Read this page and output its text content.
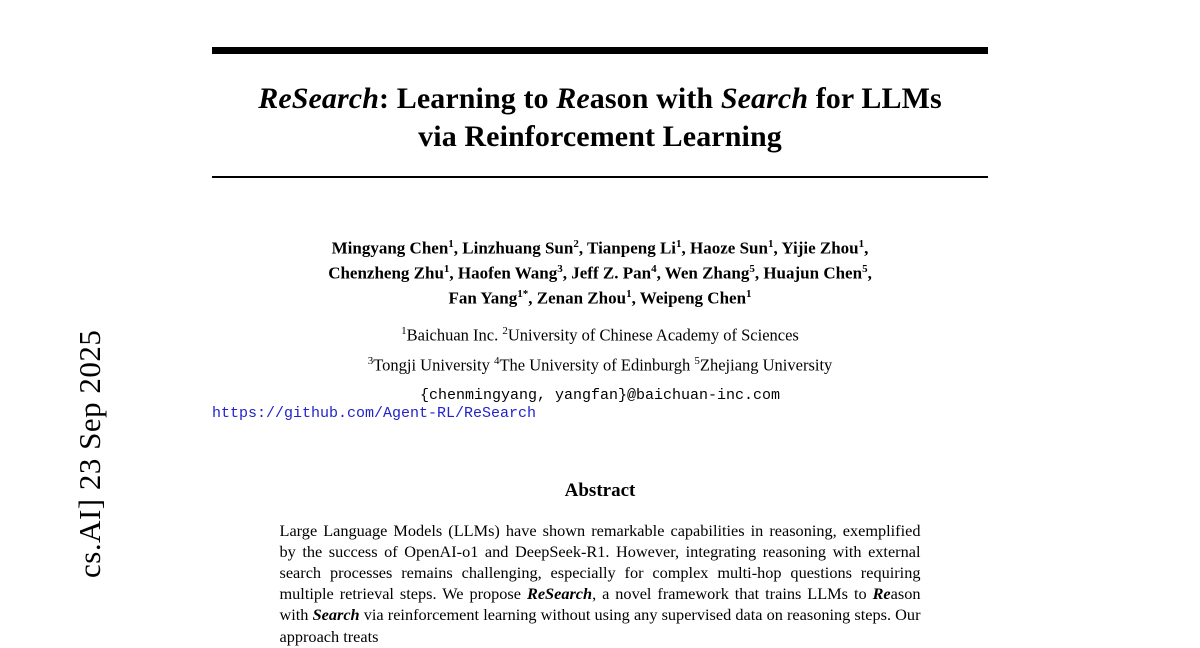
cs.AI] 23 Sep 2025
ReSearch: Learning to Reason with Search for LLMs
via Reinforcement Learning
Mingyang Chen$^1$, Linzhuang Sun$^2$, Tianpeng Li$^1$, Haoze Sun$^1$, Yijie Zhou$^1$,
Chenzheng Zhu$^1$, Haofen Wang$^3$, Jeff Z. Pan$^4$, Wen Zhang$^5$, Huajun Chen$^5$,
Fan Yang$^{1*}$, Zenan Zhou$^1$, Weipeng Chen$^1$
$^1$Baichuan Inc. $^2$University of Chinese Academy of Sciences
$^3$Tongji University $^4$The University of Edinburgh $^5$Zhejiang University
{chenmingyang, yangfan}@baichuan-inc.com
https://github.com/Agent-RL/ReSearch
Abstract

Large Language Models (LLMs) have shown remarkable capabilities in reasoning, exemplified by the success of OpenAI-o1 and DeepSeek-R1. However, integrating reasoning with external search processes remains challenging, especially for complex multi-hop questions requiring multiple retrieval steps. We propose ReSearch, a novel framework that trains LLMs to Reason with Search via reinforcement learning without using any supervised data on reasoning steps. Our approach treats
